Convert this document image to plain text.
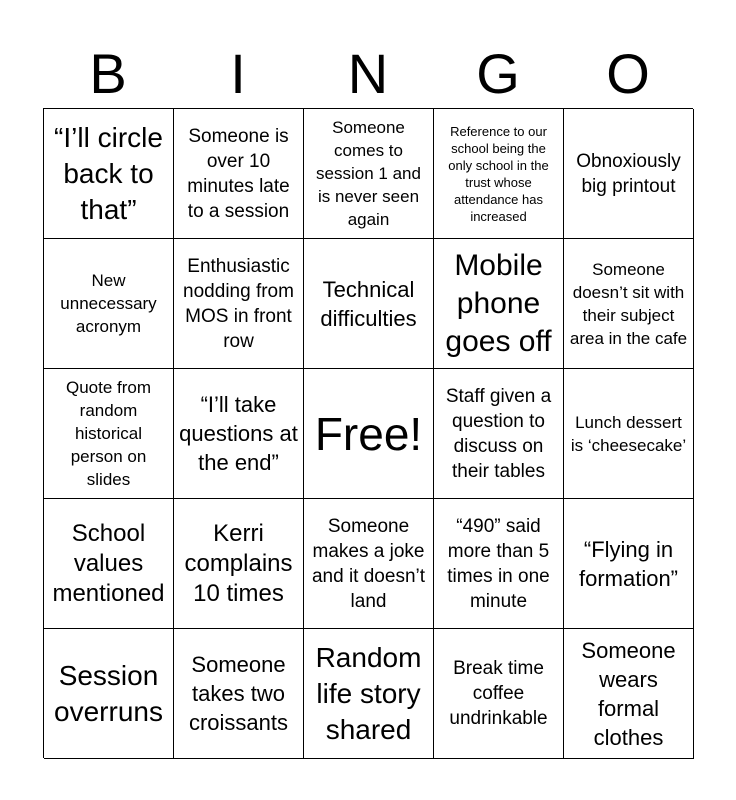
B	I	N	G	O
“I’ll circle back to that”
Someone is over 10 minutes late to a session
Someone comes to session 1 and is never seen again
Reference to our school being the only school in the trust whose attendance has increased
Obnoxiously big printout
New unnecessary acronym
Enthusiastic nodding from MOS in front row
Technical difficulties
Mobile phone goes off
Someone doesn’t sit with their subject area in the cafe
Quote from random historical person on slides
“I’ll take questions at the end”
Free!
Staff given a question to discuss on their tables
Lunch dessert is ‘cheesecake’
School values mentioned
Kerri complains 10 times
Someone makes a joke and it doesn’t land
“490” said more than 5 times in one minute
“Flying in formation”
Session overruns
Someone takes two croissants
Random life story shared
Break time coffee undrinkable
Someone wears formal clothes
